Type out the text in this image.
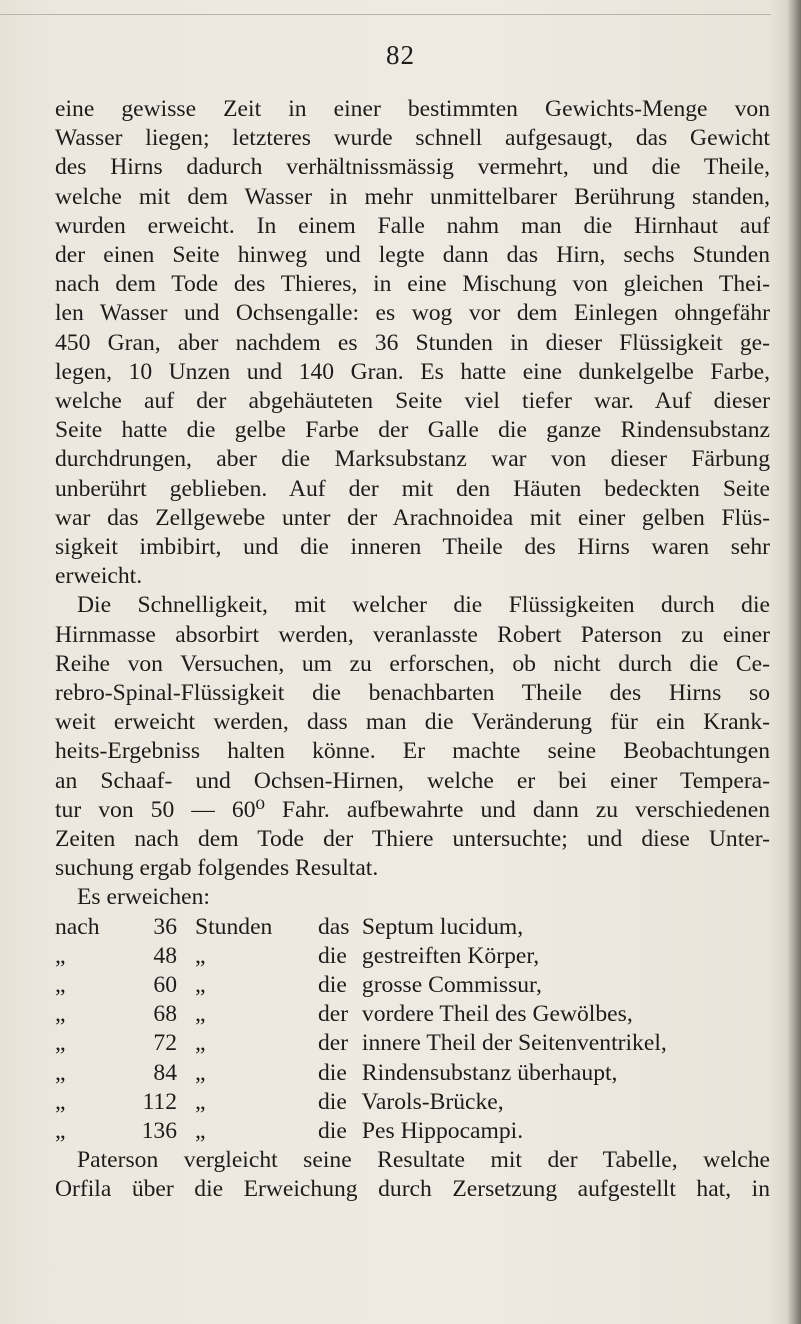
82
eine gewisse Zeit in einer bestimmten Gewichts-Menge von
Wasser liegen; letzteres wurde schnell aufgesaugt, das Gewicht
des Hirns dadurch verhältnissmässig vermehrt, und die Theile,
welche mit dem Wasser in mehr unmittelbarer Berührung standen,
wurden erweicht. In einem Falle nahm man die Hirnhaut auf
der einen Seite hinweg und legte dann das Hirn, sechs Stunden
nach dem Tode des Thieres, in eine Mischung von gleichen Thei-
len Wasser und Ochsengalle: es wog vor dem Einlegen ohngefähr
450 Gran, aber nachdem es 36 Stunden in dieser Flüssigkeit ge-
legen, 10 Unzen und 140 Gran. Es hatte eine dunkelgelbe Farbe,
welche auf der abgehäuteten Seite viel tiefer war. Auf dieser
Seite hatte die gelbe Farbe der Galle die ganze Rindensubstanz
durchdrungen, aber die Marksubstanz war von dieser Färbung
unberührt geblieben. Auf der mit den Häuten bedeckten Seite
war das Zellgewebe unter der Arachnoidea mit einer gelben Flüs-
sigkeit imbibirt, und die inneren Theile des Hirns waren sehr
erweicht.
Die Schnelligkeit, mit welcher die Flüssigkeiten durch die
Hirnmasse absorbirt werden, veranlasste Robert Paterson zu einer
Reihe von Versuchen, um zu erforschen, ob nicht durch die Ce-
rebro-Spinal-Flüssigkeit die benachbarten Theile des Hirns so
weit erweicht werden, dass man die Veränderung für ein Krank-
heits-Ergebniss halten könne. Er machte seine Beobachtungen
an Schaaf- und Ochsen-Hirnen, welche er bei einer Tempera-
tur von 50 — 60⁰ Fahr. aufbewahrte und dann zu verschiedenen
Zeiten nach dem Tode der Thiere untersuchte; und diese Unter-
suchung ergab folgendes Resultat.
Es erweichen:
nach	36 Stunden	das Septum lucidum,
„	48 „	die gestreiften Körper,
„	60 „	die grosse Commissur,
„	68 „	der vordere Theil des Gewölbes,
„	72 „	der innere Theil der Seitenventrikel,
„	84 „	die Rindensubstanz überhaupt,
„	112 „	die Varols-Brücke,
„	136 „	die Pes Hippocampi.
Paterson vergleicht seine Resultate mit der Tabelle, welche
Orfila über die Erweichung durch Zersetzung aufgestellt hat, in
